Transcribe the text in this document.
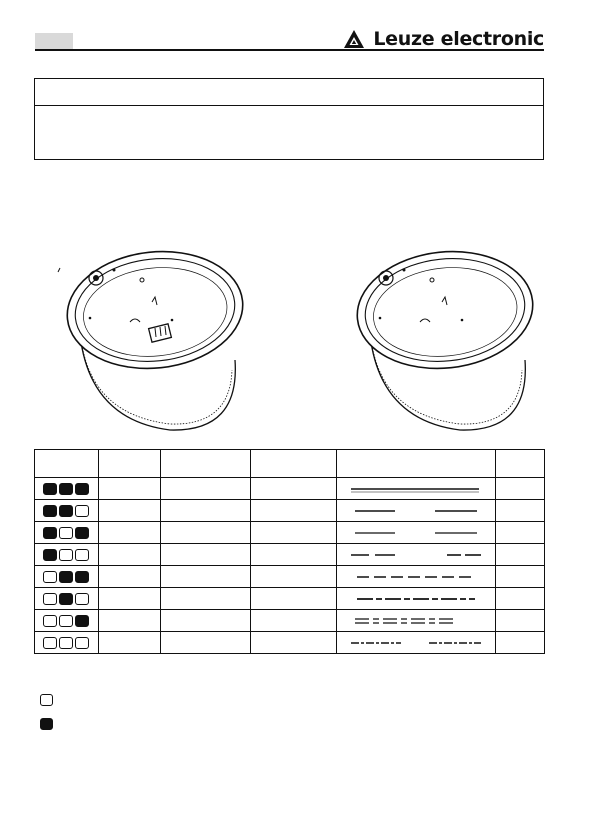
Leuze electronic
